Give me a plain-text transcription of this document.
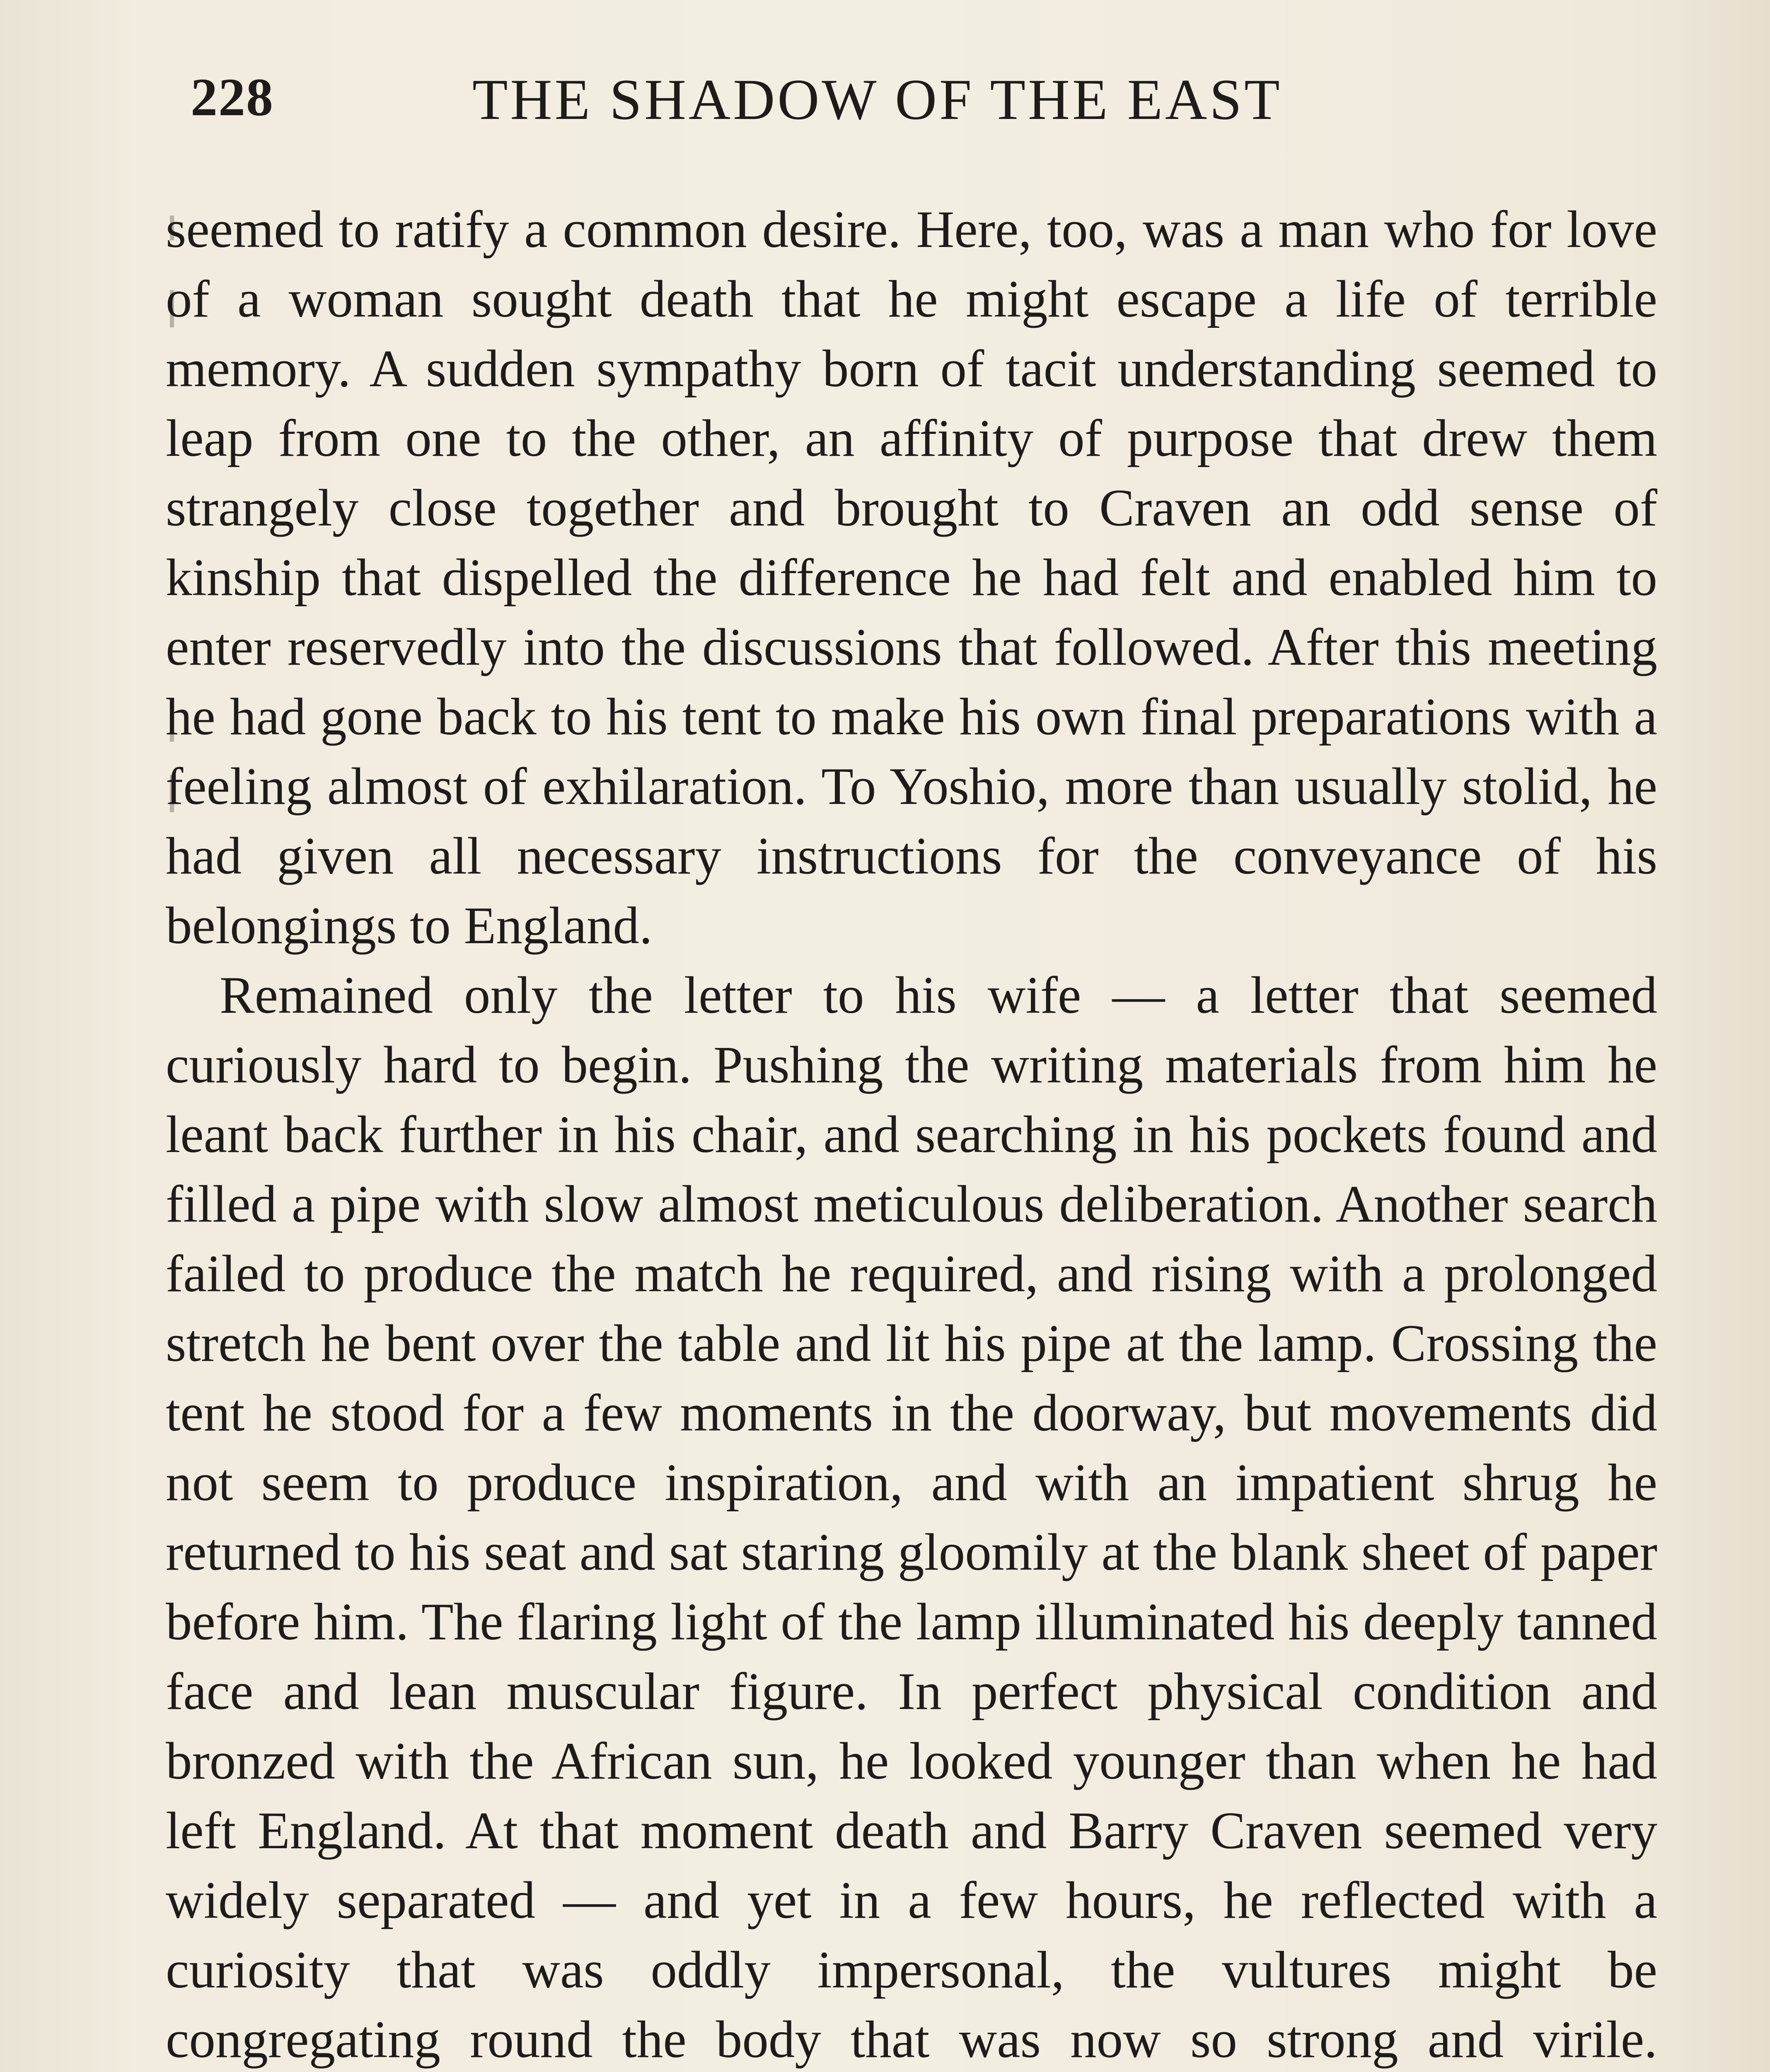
228	THE SHADOW OF THE EAST

seemed to ratify a common desire. Here, too, was a man who for love of a woman sought death that he might escape a life of terrible memory. A sudden sympathy born of tacit understanding seemed to leap from one to the other, an affinity of purpose that drew them strangely close together and brought to Craven an odd sense of kinship that dispelled the difference he had felt and enabled him to enter reservedly into the discussions that followed. After this meeting he had gone back to his tent to make his own final preparations with a feeling almost of exhilaration. To Yoshio, more than usually stolid, he had given all necessary instructions for the conveyance of his belongings to England.

Remained only the letter to his wife — a letter that seemed curiously hard to begin. Pushing the writing materials from him he leant back further in his chair, and searching in his pockets found and filled a pipe with slow almost meticulous deliberation. Another search failed to produce the match he required, and rising with a prolonged stretch he bent over the table and lit his pipe at the lamp. Crossing the tent he stood for a few moments in the doorway, but movements did not seem to produce inspiration, and with an impatient shrug he returned to his seat and sat staring gloomily at the blank sheet of paper before him. The flaring light of the lamp illuminated his deeply tanned face and lean muscular figure. In perfect physical condition and bronzed with the African sun, he looked younger than when he had left England. At that moment death and Barry Craven seemed very widely separated — and yet in a few hours, he reflected with a curiosity that was oddly impersonal, the vultures might be congregating round the body that was now so strong and virile.
